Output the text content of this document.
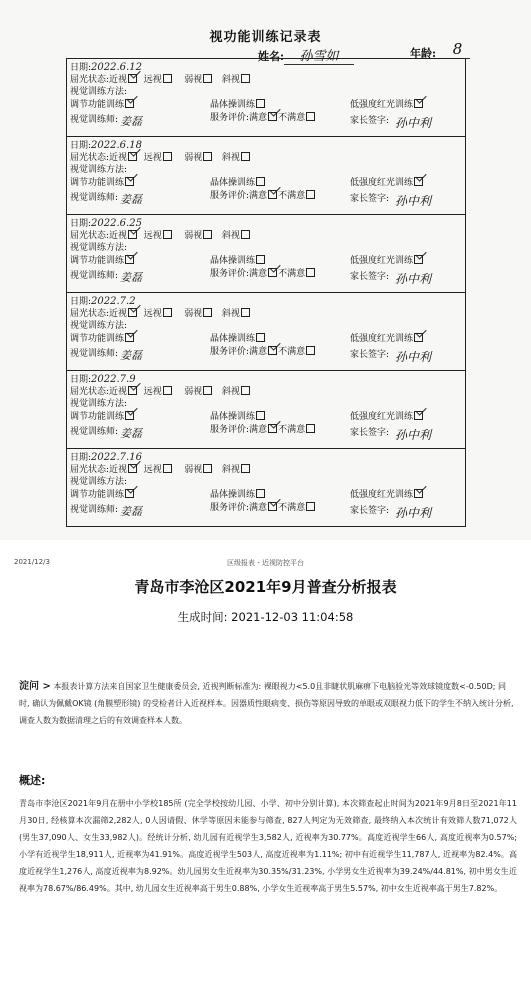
视功能训练记录表
姓名: 孙雪如	年龄:	8
日期:2022.6.12
屈光状态:近视 远视 弱视 斜视
视觉训练方法:
调节功能训练	晶体操训练	低强度红光训练
视觉训练师: 姜磊	服务评价:满意 不满意	家长签字: 孙中利
日期:2022.6.18
屈光状态:近视 远视 弱视 斜视
视觉训练方法:
调节功能训练	晶体操训练	低强度红光训练
视觉训练师: 姜磊	服务评价:满意 不满意	家长签字: 孙中利
日期:2022.6.25
屈光状态:近视 远视 弱视 斜视
视觉训练方法:
调节功能训练	晶体操训练	低强度红光训练
视觉训练师: 姜磊	服务评价:满意 不满意	家长签字: 孙中利
日期:2022.7.2
屈光状态:近视 远视 弱视 斜视
视觉训练方法:
调节功能训练	晶体操训练	低强度红光训练
视觉训练师: 姜磊	服务评价:满意 不满意	家长签字: 孙中利
日期:2022.7.9
屈光状态:近视 远视 弱视 斜视
视觉训练方法:
调节功能训练	晶体操训练	低强度红光训练
视觉训练师: 姜磊	服务评价:满意 不满意	家长签字: 孙中利
日期:2022.7.16
屈光状态:近视 远视 弱视 斜视
视觉训练方法:
调节功能训练	晶体操训练	低强度红光训练
视觉训练师: 姜磊	服务评价:满意 不满意	家长签字: 孙中利
2021/12/3	区级报表 - 近视防控平台
青岛市李沧区2021年9月普查分析报表
生成时间: 2021-12-03 11:04:58
淀问 > 本报表计算方法来自国家卫生健康委员会, 近视判断标准为: 裸眼视力<5.0且非睫状肌麻痹下电脑验光等效球镜度数<-0.50D; 同时, 确认为佩戴OK镜 (角膜塑形镜) 的受检者计入近视样本。因器质性眼病变、损伤等原因导致的单眼或双眼视力低下的学生不纳入统计分析, 调查人数为数据清理之后的有效调查样本人数。
概述:
青岛市李沧区2021年9月在册中小学校185所 (完全学校按幼儿园、小学、初中分别计算), 本次筛查起止时间为2021年9月8日至2021年11月30日, 经核算本次漏筛2,282人, 0人因请假、休学等原因未能参与筛查, 827人判定为无效筛查, 最终纳入本次统计有效筛人数71,072人 (男生37,090人、女生33,982人)。经统计分析, 幼儿园有近视学生3,582人, 近视率为30.77%。高度近视学生66人, 高度近视率为0.57%; 小学有近视学生18,911人, 近视率为41.91%。高度近视学生503人, 高度近视率为1.11%; 初中有近视学生11,787人, 近视率为82.4%。高度近视学生1,276人, 高度近视率为8.92%。幼儿园男女生近视率为30.35%/31.23%, 小学男女生近视率为39.24%/44.81%, 初中男女生近视率为78.67%/86.49%。其中, 幼儿园女生近视率高于男生0.88%, 小学女生近视率高于男生5.57%, 初中女生近视率高于男生7.82%。
